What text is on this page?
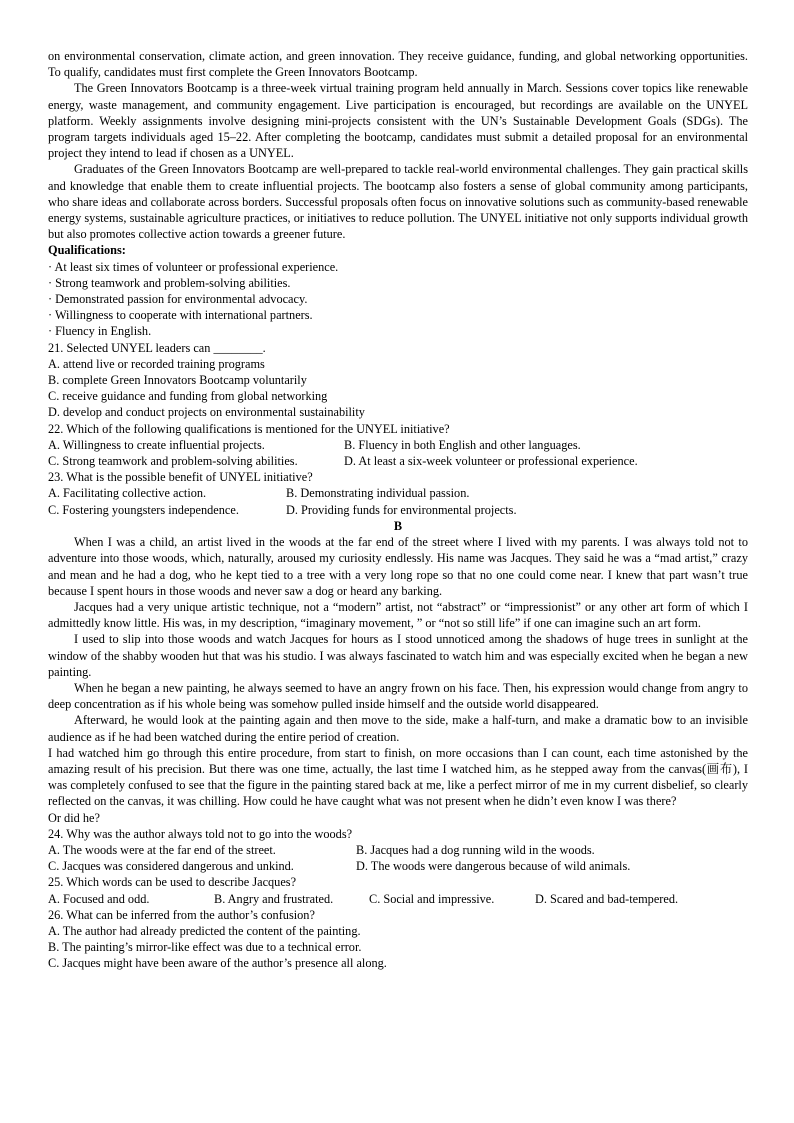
on environmental conservation, climate action, and green innovation. They receive guidance, funding, and global networking opportunities. To qualify, candidates must first complete the Green Innovators Bootcamp.

The Green Innovators Bootcamp is a three-week virtual training program held annually in March. Sessions cover topics like renewable energy, waste management, and community engagement. Live participation is encouraged, but recordings are available on the UNYEL platform. Weekly assignments involve designing mini-projects consistent with the UN’s Sustainable Development Goals (SDGs). The program targets individuals aged 15–22. After completing the bootcamp, candidates must submit a detailed proposal for an environmental project they intend to lead if chosen as a UNYEL.

Graduates of the Green Innovators Bootcamp are well-prepared to tackle real-world environmental challenges. They gain practical skills and knowledge that enable them to create influential projects. The bootcamp also fosters a sense of global community among participants, who share ideas and collaborate across borders. Successful proposals often focus on innovative solutions such as community-based renewable energy systems, sustainable agriculture practices, or initiatives to reduce pollution. The UNYEL initiative not only supports individual growth but also promotes collective action towards a greener future.

Qualifications:

· At least six times of volunteer or professional experience.

· Strong teamwork and problem-solving abilities.

· Demonstrated passion for environmental advocacy.

· Willingness to cooperate with international partners.

· Fluency in English.

21. Selected UNYEL leaders can ________.

A. attend live or recorded training programs

B. complete Green Innovators Bootcamp voluntarily

C. receive guidance and funding from global networking

D. develop and conduct projects on environmental sustainability

22. Which of the following qualifications is mentioned for the UNYEL initiative?

A. Willingness to create influential projects.	B. Fluency in both English and other languages.
C. Strong teamwork and problem-solving abilities.	D. At least a six-week volunteer or professional experience.

23. What is the possible benefit of UNYEL initiative?

A. Facilitating collective action.	B. Demonstrating individual passion.
C. Fostering youngsters independence.	D. Providing funds for environmental projects.

B

When I was a child, an artist lived in the woods at the far end of the street where I lived with my parents. I was always told not to adventure into those woods, which, naturally, aroused my curiosity endlessly. His name was Jacques. They said he was a “mad artist,” crazy and mean and he had a dog, who he kept tied to a tree with a very long rope so that no one could come near. I knew that part wasn’t true because I spent hours in those woods and never saw a dog or heard any barking.

Jacques had a very unique artistic technique, not a “modern” artist, not “abstract” or “impressionist” or any other art form of which I admittedly know little. His was, in my description, “imaginary movement, ” or “not so still life” if one can imagine such an art form.

I used to slip into those woods and watch Jacques for hours as I stood unnoticed among the shadows of huge trees in sunlight at the window of the shabby wooden hut that was his studio. I was always fascinated to watch him and was especially excited when he began a new painting.

When he began a new painting, he always seemed to have an angry frown on his face. Then, his expression would change from angry to deep concentration as if his whole being was somehow pulled inside himself and the outside world disappeared.

Afterward, he would look at the painting again and then move to the side, make a half-turn, and make a dramatic bow to an invisible audience as if he had been watched during the entire period of creation.

I had watched him go through this entire procedure, from start to finish, on more occasions than I can count, each time astonished by the amazing result of his precision. But there was one time, actually, the last time I watched him, as he stepped away from the canvas(画布), I was completely confused to see that the figure in the painting stared back at me, like a perfect mirror of me in my current disbelief, so clearly reflected on the canvas, it was chilling. How could he have caught what was not present when he didn’t even know I was there?

Or did he?

24. Why was the author always told not to go into the woods?

A. The woods were at the far end of the street.	B. Jacques had a dog running wild in the woods.
C. Jacques was considered dangerous and unkind.	D. The woods were dangerous because of wild animals.

25. Which words can be used to describe Jacques?

A. Focused and odd.	B. Angry and frustrated.	C. Social and impressive.	D. Scared and bad-tempered.

26. What can be inferred from the author’s confusion?

A. The author had already predicted the content of the painting.

B. The painting’s mirror-like effect was due to a technical error.

C. Jacques might have been aware of the author’s presence all along.
